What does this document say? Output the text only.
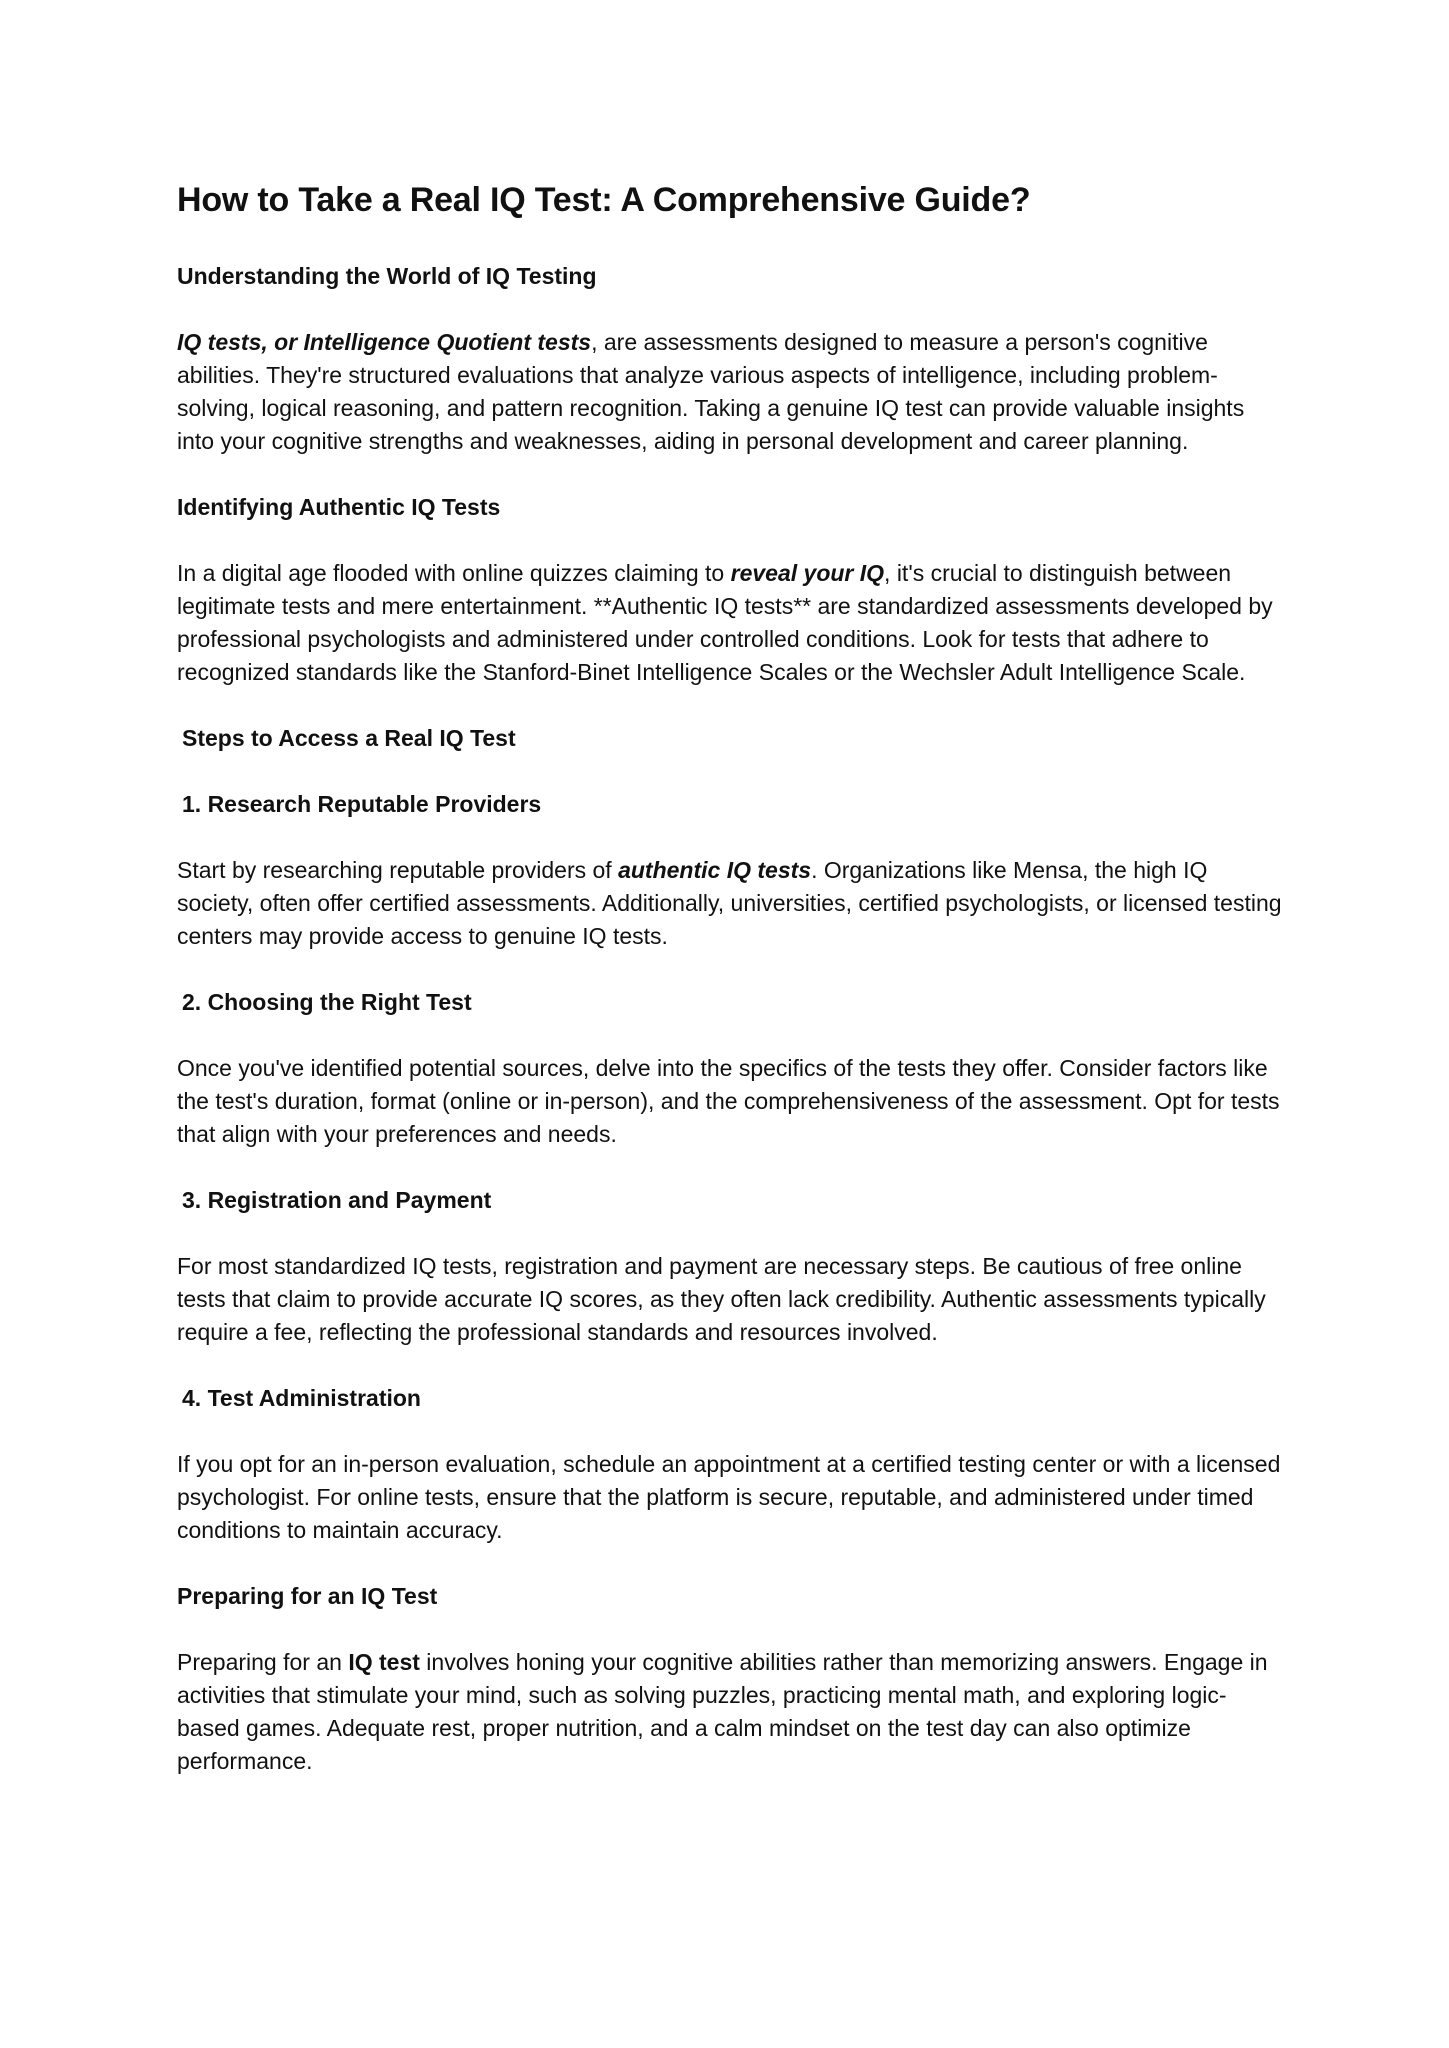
How to Take a Real IQ Test: A Comprehensive Guide?
Understanding the World of IQ Testing

IQ tests, or Intelligence Quotient tests, are assessments designed to measure a person's cognitive abilities. They're structured evaluations that analyze various aspects of intelligence, including problem-solving, logical reasoning, and pattern recognition. Taking a genuine IQ test can provide valuable insights into your cognitive strengths and weaknesses, aiding in personal development and career planning.

Identifying Authentic IQ Tests

In a digital age flooded with online quizzes claiming to reveal your IQ, it's crucial to distinguish between legitimate tests and mere entertainment. **Authentic IQ tests** are standardized assessments developed by professional psychologists and administered under controlled conditions. Look for tests that adhere to recognized standards like the Stanford-Binet Intelligence Scales or the Wechsler Adult Intelligence Scale.

Steps to Access a Real IQ Test
1. Research Reputable Providers

Start by researching reputable providers of authentic IQ tests. Organizations like Mensa, the high IQ society, often offer certified assessments. Additionally, universities, certified psychologists, or licensed testing centers may provide access to genuine IQ tests.

2. Choosing the Right Test

Once you've identified potential sources, delve into the specifics of the tests they offer. Consider factors like the test's duration, format (online or in-person), and the comprehensiveness of the assessment. Opt for tests that align with your preferences and needs.

3. Registration and Payment

For most standardized IQ tests, registration and payment are necessary steps. Be cautious of free online tests that claim to provide accurate IQ scores, as they often lack credibility. Authentic assessments typically require a fee, reflecting the professional standards and resources involved.

4. Test Administration

If you opt for an in-person evaluation, schedule an appointment at a certified testing center or with a licensed psychologist. For online tests, ensure that the platform is secure, reputable, and administered under timed conditions to maintain accuracy.

Preparing for an IQ Test

Preparing for an IQ test involves honing your cognitive abilities rather than memorizing answers. Engage in activities that stimulate your mind, such as solving puzzles, practicing mental math, and exploring logic-based games. Adequate rest, proper nutrition, and a calm mindset on the test day can also optimize performance.
